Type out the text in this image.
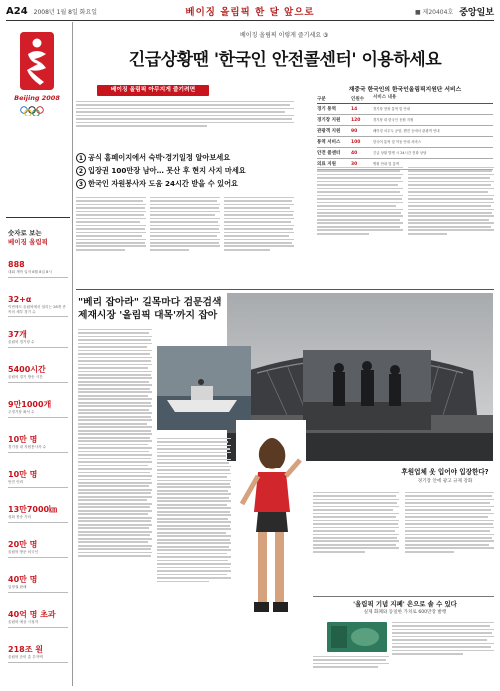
A24 2008년 1월 8일 화요일	베이징 올림픽 한 달 앞으로	■ 제20404호 중앙일보
Beijing 2008
숫자로 보는
베이징 올림픽
888
대회 개막 일자 8월 8일 8시
32+α
이번에도 올림픽에서 열리는 28개 종목의 세부 경기 수
37개
올림픽 경기장 수
5400시간
올림픽 경기 방송 시간
9만1000개
주경기장 좌석 수
10만 명
경기장 내 자원봉사자 수
10만 명
안전 인력
13만7000㎞
성화 봉송 거리
20만 명
올림픽 방문 외국인
40만 명
입장권 판매
40억 명 초과
올림픽 예상 시청자
218조 원
올림픽 준비 총 투자액
베이징 올림픽 이렇게 즐기세요 ③
긴급상황땐 '한국인 안전콜센터' 이용하세요
베이징 올림픽 아무지게 즐기려면
1 공식 홈페이지에서 숙박·경기일정 알아보세요
2 입장권 100만장 남아… 못산 후 현지 사지 마세요
3 한국인 자원봉사자 도움 24시간 받을 수 있어요
재중국 한국인의 한국인올림픽지원단 서비스
구분	인원수	서비스 내용
경기 통역	14	경기장 현장 통역 및 안내
경기장 지원	120	경기장 내 한국인 응원 지원
관광객 지원	90	베이징 서우두 공항, 톈진 등에서 관광객 안내
통역 서비스	100	한국어 통역 및 이동 안내 서비스
안전 콜센터	40	긴급 상황 발생 시 24시간 전화 상담
의료 지원	30	병원 안내 및 통역
"베리 잡아라" 길목마다 검문검색
제재시장 '올림픽 대목'까지 잡아
■ 베이징 올림픽을 한 달 앞둔 베이징 시내 곳곳에 보안이 강화되고 있다. 사진은 주경기장인 '냐오차오' 전경.
후원업체 옷 입어야 입장한다?
경기장 안에 광고 규제 강화
'올림픽 기념 지폐' 은으로 솔 수 있다
실제 화폐와 동일한 가치로 600만장 발행
